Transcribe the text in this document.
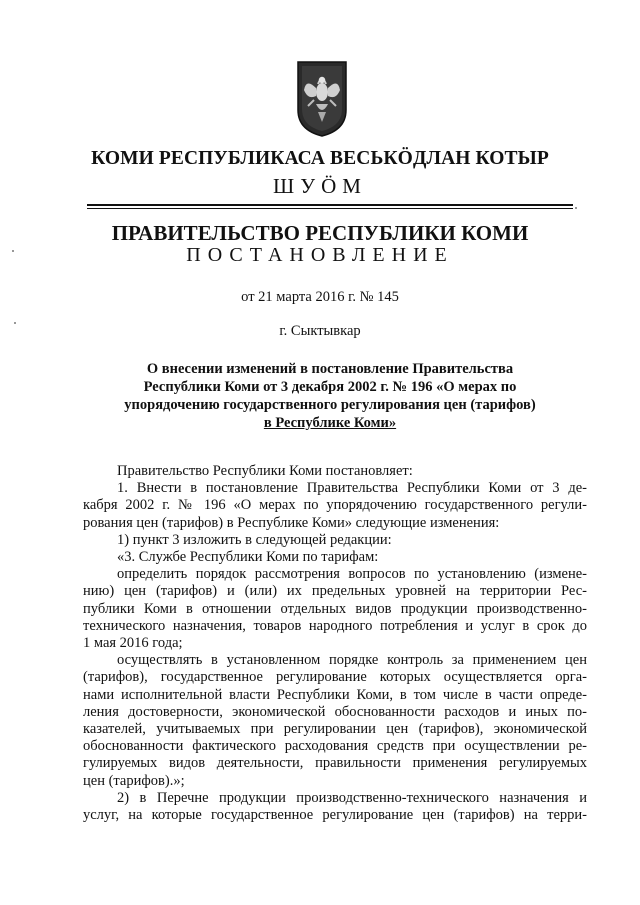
КОМИ РЕСПУБЛИКАСА ВЕСЬКӦДЛАН КОТЫР
ШУӦМ
ПРАВИТЕЛЬСТВО РЕСПУБЛИКИ КОМИ
ПОСТАНОВЛЕНИЕ
от 21 марта 2016 г. № 145
г. Сыктывкар
О внесении изменений в постановление Правительства
Республики Коми от 3 декабря 2002 г. № 196 «О мерах по
упорядочению государственного регулирования цен (тарифов)
в Республике Коми»
Правительство Республики Коми постановляет:
1. Внести в постановление Правительства Республики Коми от 3 де-
кабря 2002 г. № 196 «О мерах по упорядочению государственного регули-
рования цен (тарифов) в Республике Коми» следующие изменения:
1) пункт 3 изложить в следующей редакции:
«3. Службе Республики Коми по тарифам:
определить порядок рассмотрения вопросов по установлению (измене-
нию) цен (тарифов) и (или) их предельных уровней на территории Рес-
публики Коми в отношении отдельных видов продукции производственно-
технического назначения, товаров народного потребления и услуг в срок до
1 мая 2016 года;
осуществлять в установленном порядке контроль за применением цен
(тарифов), государственное регулирование которых осуществляется орга-
нами исполнительной власти Республики Коми, в том числе в части опреде-
ления достоверности, экономической обоснованности расходов и иных по-
казателей, учитываемых при регулировании цен (тарифов), экономической
обоснованности фактического расходования средств при осуществлении ре-
гулируемых видов деятельности, правильности применения регулируемых
цен (тарифов).»;
2) в Перечне продукции производственно-технического назначения и
услуг, на которые государственное регулирование цен (тарифов) на терри-
